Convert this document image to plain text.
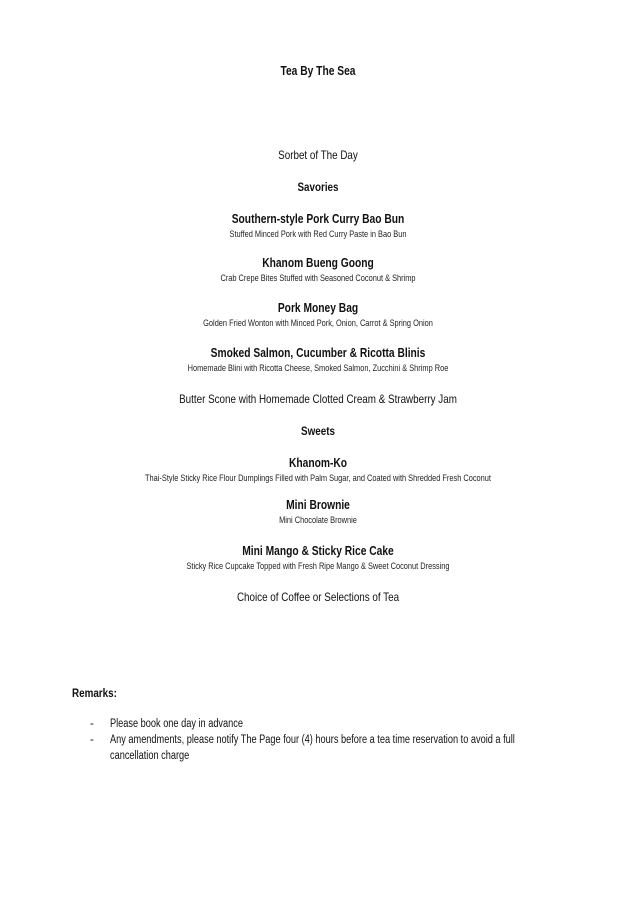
Tea By The Sea
Sorbet of The Day
Savories
Southern-style Pork Curry Bao Bun
Stuffed Minced Pork with Red Curry Paste in Bao Bun
Khanom Bueng Goong
Crab Crepe Bites Stuffed with Seasoned Coconut & Shrimp
Pork Money Bag
Golden Fried Wonton with Minced Pork, Onion, Carrot & Spring Onion
Smoked Salmon, Cucumber & Ricotta Blinis
Homemade Blini with Ricotta Cheese, Smoked Salmon, Zucchini & Shrimp Roe
Butter Scone with Homemade Clotted Cream & Strawberry Jam
Sweets
Khanom-Ko
Thai-Style Sticky Rice Flour Dumplings Filled with Palm Sugar, and Coated with Shredded Fresh Coconut
Mini Brownie
Mini Chocolate Brownie
Mini Mango & Sticky Rice Cake
Sticky Rice Cupcake Topped with Fresh Ripe Mango & Sweet Coconut Dressing
Choice of Coffee or Selections of Tea
Remarks:
- Please book one day in advance
- Any amendments, please notify The Page four (4) hours before a tea time reservation to avoid a full
cancellation charge
